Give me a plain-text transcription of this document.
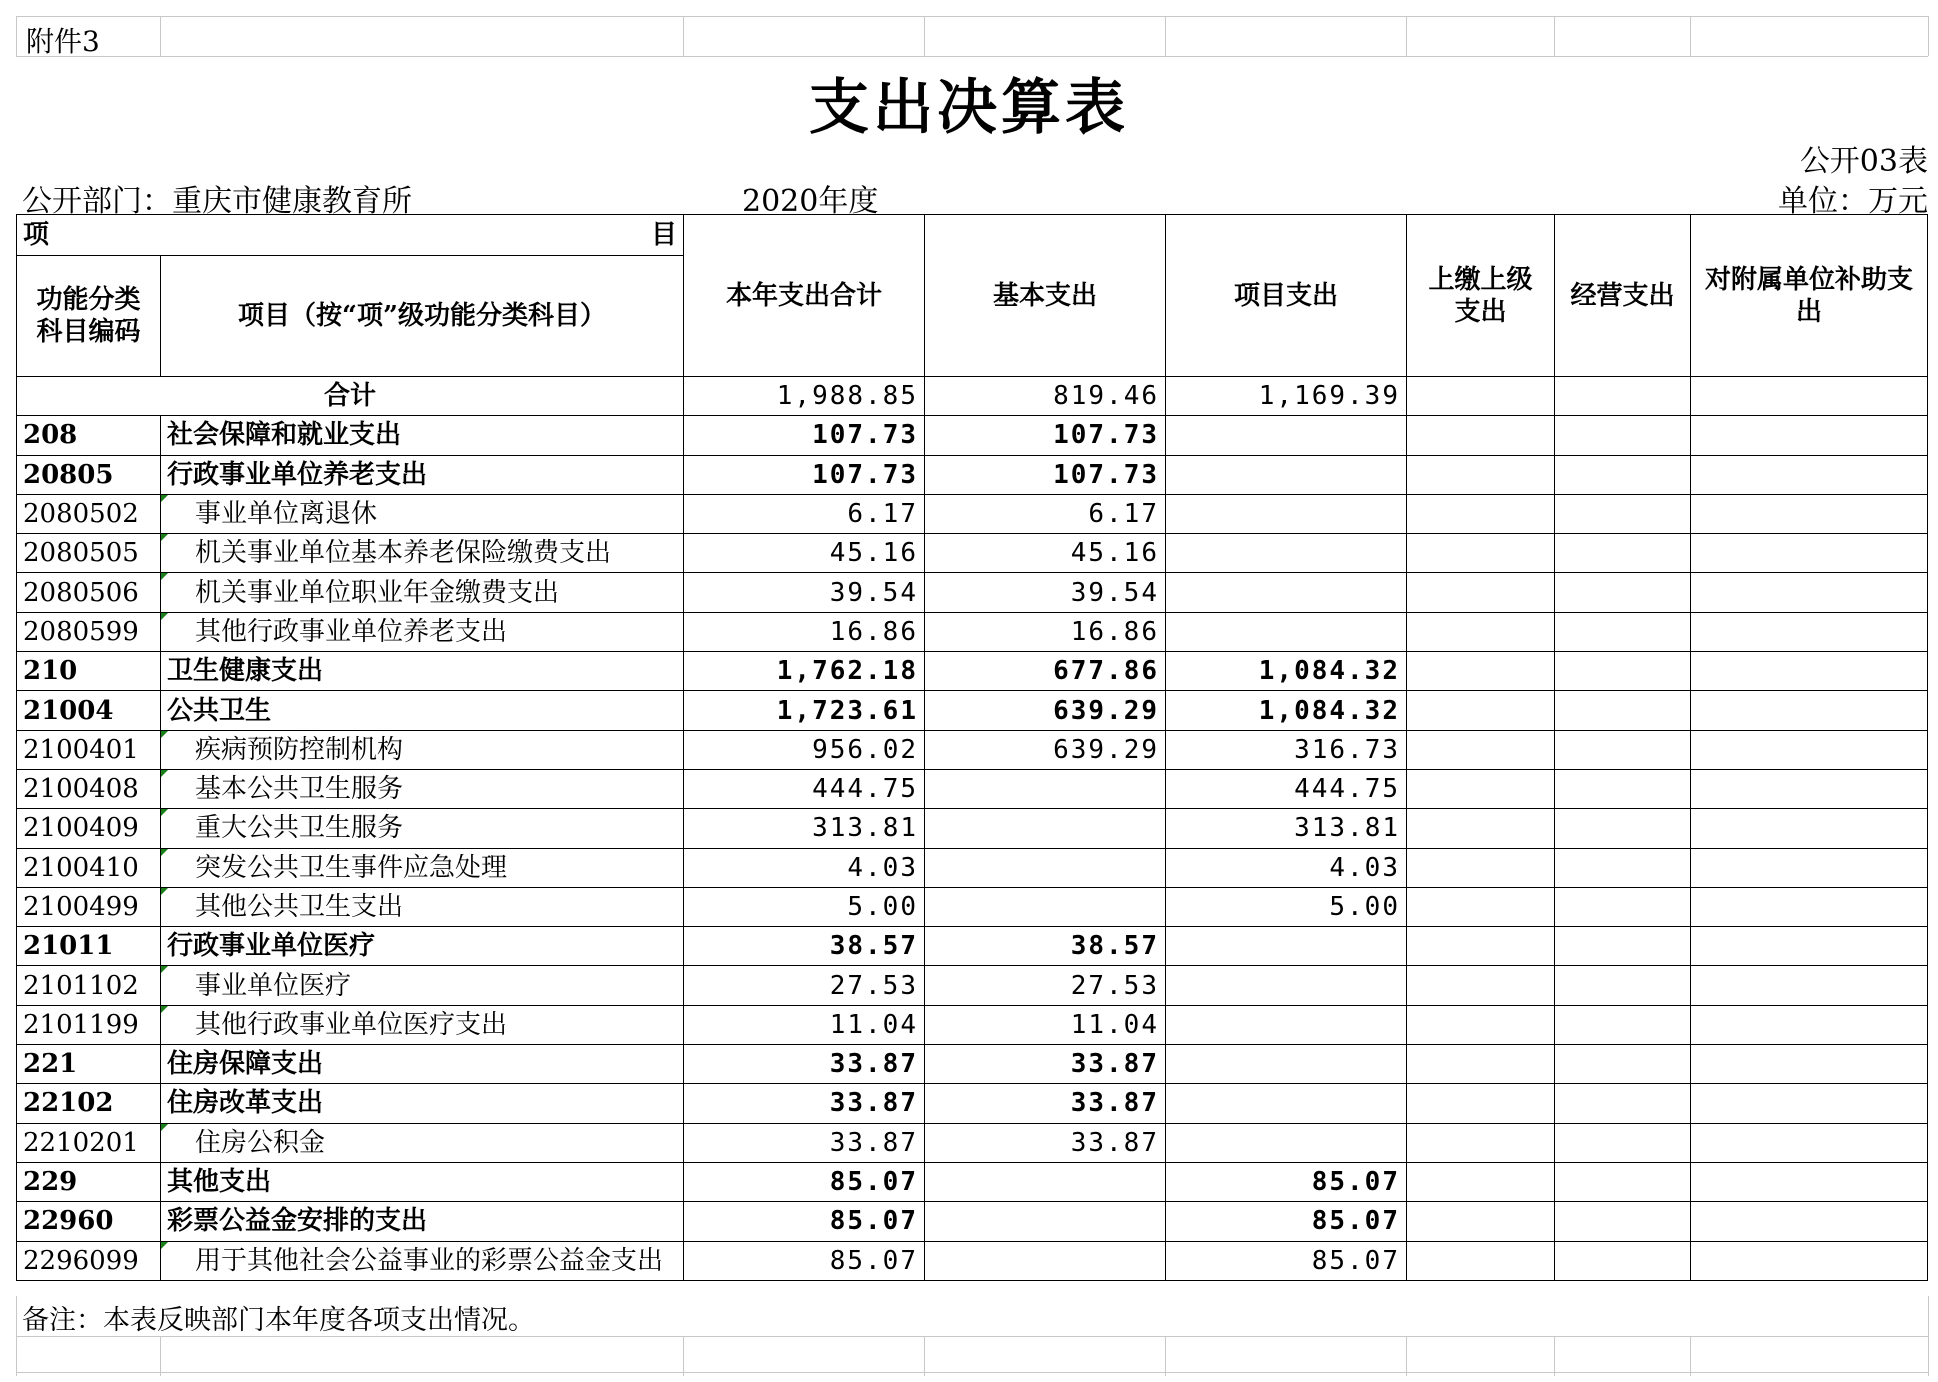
附件3
支出决算表
公开03表
公开部门：重庆市健康教育所	2020年度	单位：万元
项 目		本年支出合计	基本支出	项目支出	上缴上级支出	经营支出	对附属单位补助支出
功能分类科目编码	项目（按“项”级功能分类科目）						
合计		1,988.85	819.46	1,169.39			
208	社会保障和就业支出	107.73	107.73				
20805	行政事业单位养老支出	107.73	107.73				
2080502	事业单位离退休	6.17	6.17				
2080505	机关事业单位基本养老保险缴费支出	45.16	45.16				
2080506	机关事业单位职业年金缴费支出	39.54	39.54				
2080599	其他行政事业单位养老支出	16.86	16.86				
210	卫生健康支出	1,762.18	677.86	1,084.32			
21004	公共卫生	1,723.61	639.29	1,084.32			
2100401	疾病预防控制机构	956.02	639.29	316.73			
2100408	基本公共卫生服务	444.75		444.75			
2100409	重大公共卫生服务	313.81		313.81			
2100410	突发公共卫生事件应急处理	4.03		4.03			
2100499	其他公共卫生支出	5.00		5.00			
21011	行政事业单位医疗	38.57	38.57				
2101102	事业单位医疗	27.53	27.53				
2101199	其他行政事业单位医疗支出	11.04	11.04				
221	住房保障支出	33.87	33.87				
22102	住房改革支出	33.87	33.87				
2210201	住房公积金	33.87	33.87				
229	其他支出	85.07		85.07			
22960	彩票公益金安排的支出	85.07		85.07			
2296099	用于其他社会公益事业的彩票公益金支出	85.07		85.07			
备注：本表反映部门本年度各项支出情况。
